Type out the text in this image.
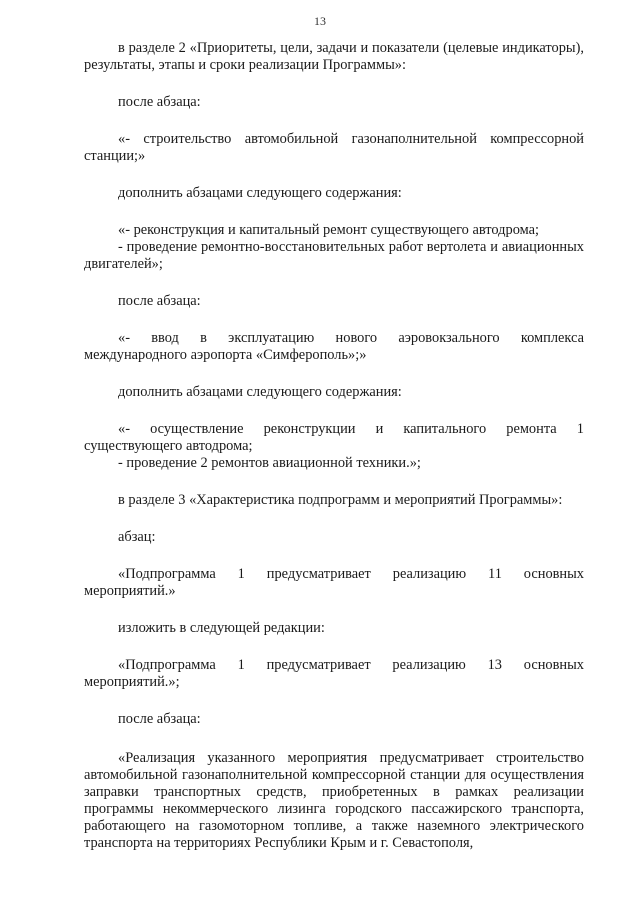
13

в разделе 2 «Приоритеты, цели, задачи и показатели (целевые индикаторы), результаты, этапы и сроки реализации Программы»:

после абзаца:

«- строительство автомобильной газонаполнительной компрессорной станции;»

дополнить абзацами следующего содержания:

«- реконструкция и капитальный ремонт существующего автодрома;

- проведение ремонтно-восстановительных работ вертолета и авиационных двигателей»;

после абзаца:

«- ввод в эксплуатацию нового аэровокзального комплекса международного аэропорта «Симферополь»;»

дополнить абзацами следующего содержания:

«- осуществление реконструкции и капитального ремонта 1 существующего автодрома;

- проведение 2 ремонтов авиационной техники.»;

в разделе 3 «Характеристика подпрограмм и мероприятий Программы»:

абзац:

«Подпрограмма 1 предусматривает реализацию 11 основных мероприятий.»

изложить в следующей редакции:

«Подпрограмма 1 предусматривает реализацию 13 основных мероприятий.»;

после абзаца:

«Реализация указанного мероприятия предусматривает строительство автомобильной газонаполнительной компрессорной станции для осуществления заправки транспортных средств, приобретенных в рамках реализации программы некоммерческого лизинга городского пассажирского транспорта, работающего на газомоторном топливе, а также наземного электрического транспорта на территориях Республики Крым и г. Севастополя,
